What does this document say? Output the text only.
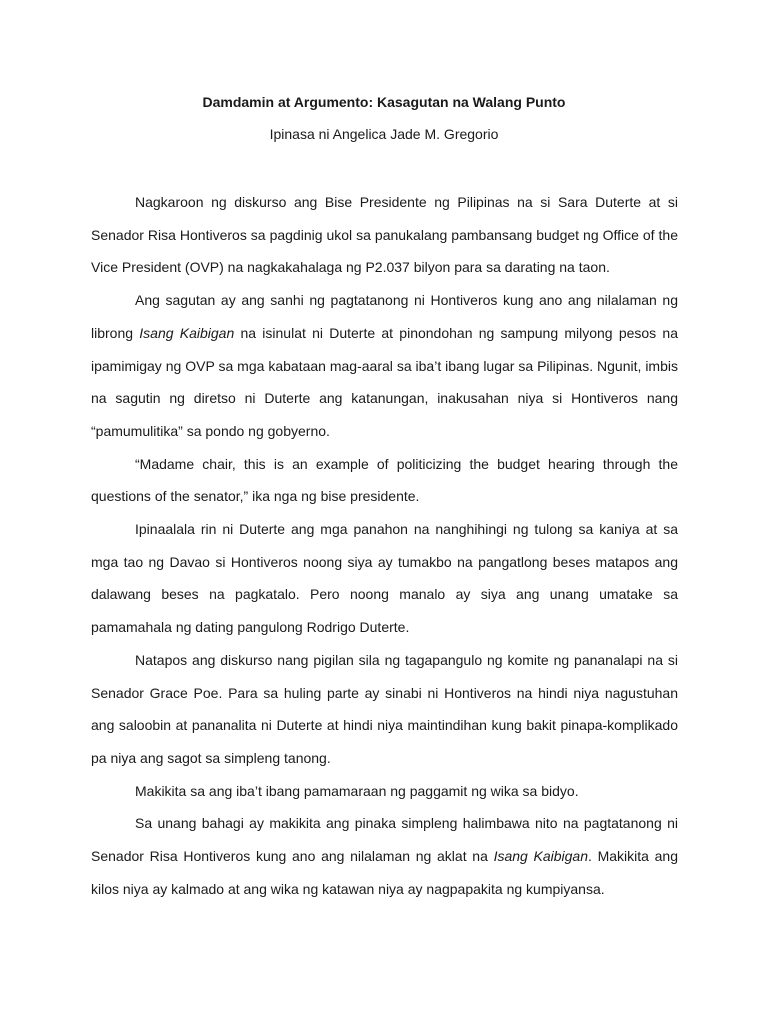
Damdamin at Argumento: Kasagutan na Walang Punto
Ipinasa ni Angelica Jade M. Gregorio

Nagkaroon ng diskurso ang Bise Presidente ng Pilipinas na si Sara Duterte at si Senador Risa Hontiveros sa pagdinig ukol sa panukalang pambansang budget ng Office of the Vice President (OVP) na nagkakahalaga ng P2.037 bilyon para sa darating na taon.

Ang sagutan ay ang sanhi ng pagtatanong ni Hontiveros kung ano ang nilalaman ng librong Isang Kaibigan na isinulat ni Duterte at pinondohan ng sampung milyong pesos na ipamimigay ng OVP sa mga kabataan mag-aaral sa iba’t ibang lugar sa Pilipinas. Ngunit, imbis na sagutin ng diretso ni Duterte ang katanungan, inakusahan niya si Hontiveros nang “pamumulitika” sa pondo ng gobyerno.

“Madame chair, this is an example of politicizing the budget hearing through the questions of the senator,” ika nga ng bise presidente.

Ipinaalala rin ni Duterte ang mga panahon na nanghihingi ng tulong sa kaniya at sa mga tao ng Davao si Hontiveros noong siya ay tumakbo na pangatlong beses matapos ang dalawang beses na pagkatalo. Pero noong manalo ay siya ang unang umatake sa pamamahala ng dating pangulong Rodrigo Duterte.

Natapos ang diskurso nang pigilan sila ng tagapangulo ng komite ng pananalapi na si Senador Grace Poe. Para sa huling parte ay sinabi ni Hontiveros na hindi niya nagustuhan ang saloobin at pananalita ni Duterte at hindi niya maintindihan kung bakit pinapa-komplikado pa niya ang sagot sa simpleng tanong.

Makikita sa ang iba’t ibang pamamaraan ng paggamit ng wika sa bidyo.

Sa unang bahagi ay makikita ang pinaka simpleng halimbawa nito na pagtatanong ni Senador Risa Hontiveros kung ano ang nilalaman ng aklat na Isang Kaibigan. Makikita ang kilos niya ay kalmado at ang wika ng katawan niya ay nagpapakita ng kumpiyansa.
